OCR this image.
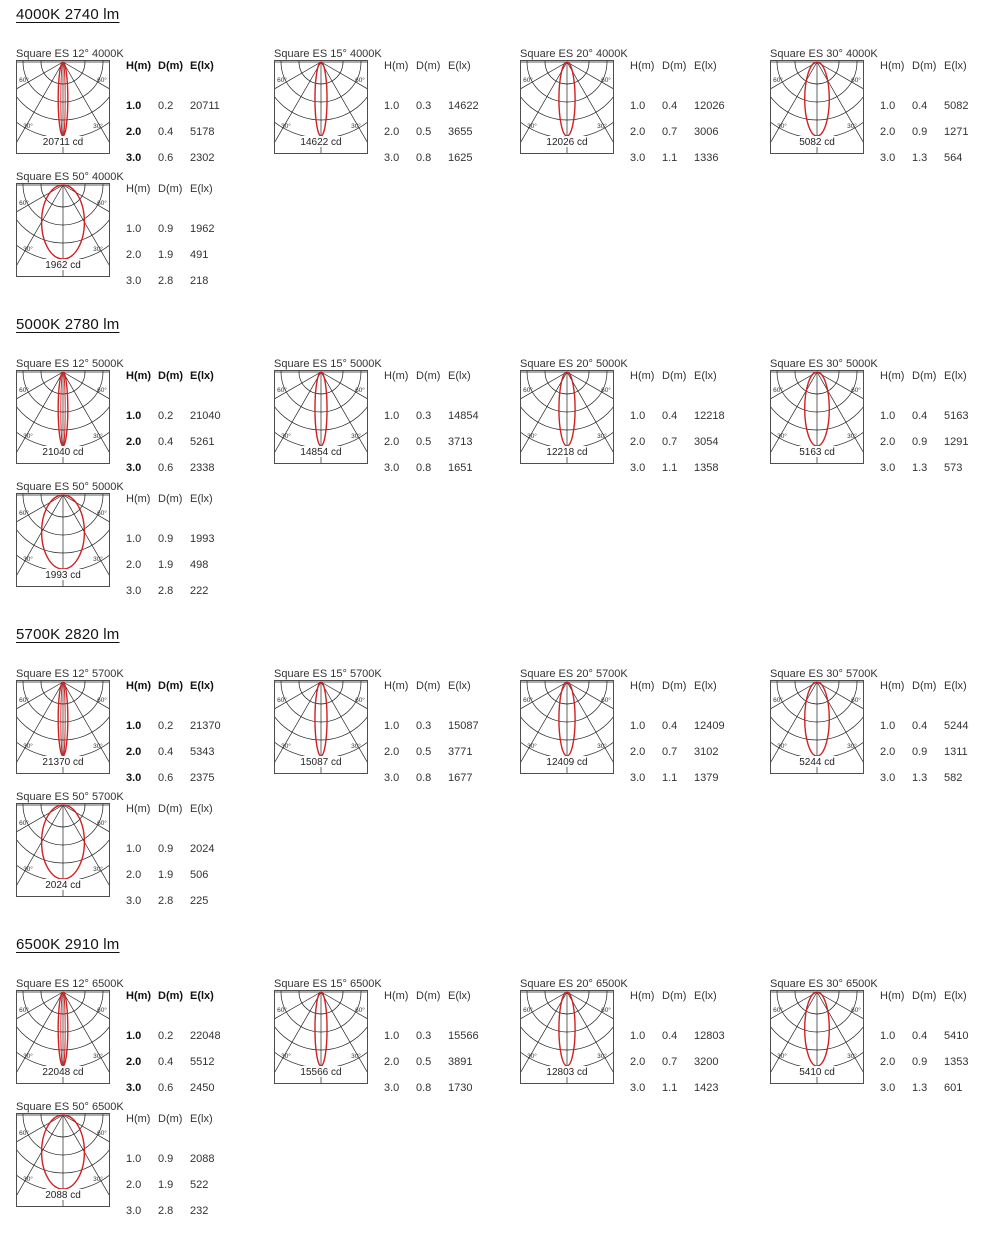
4000K 2740 lm
Square ES 12° 4000K
60°	60°
30°	30°
20711 cd
H(m) D(m) E(lx)
1.0 0.2 20711
2.0 0.4 5178
3.0 0.6 2302
Square ES 15° 4000K
60°	60°
30°	30°
14622 cd
H(m) D(m) E(lx)
1.0 0.3 14622
2.0 0.5 3655
3.0 0.8 1625
Square ES 20° 4000K
60°	60°
30°	30°
12026 cd
H(m) D(m) E(lx)
1.0 0.4 12026
2.0 0.7 3006
3.0 1.1 1336
Square ES 30° 4000K
60°	60°
30°	30°
5082 cd
H(m) D(m) E(lx)
1.0 0.4 5082
2.0 0.9 1271
3.0 1.3 564
Square ES 50° 4000K
60°	60°
30°	30°
1962 cd
H(m) D(m) E(lx)
1.0 0.9 1962
2.0 1.9 491
3.0 2.8 218
5000K 2780 lm
Square ES 12° 5000K
60°	60°
30°	30°
21040 cd
H(m) D(m) E(lx)
1.0 0.2 21040
2.0 0.4 5261
3.0 0.6 2338
Square ES 15° 5000K
60°	60°
30°	30°
14854 cd
H(m) D(m) E(lx)
1.0 0.3 14854
2.0 0.5 3713
3.0 0.8 1651
Square ES 20° 5000K
60°	60°
30°	30°
12218 cd
H(m) D(m) E(lx)
1.0 0.4 12218
2.0 0.7 3054
3.0 1.1 1358
Square ES 30° 5000K
60°	60°
30°	30°
5163 cd
H(m) D(m) E(lx)
1.0 0.4 5163
2.0 0.9 1291
3.0 1.3 573
Square ES 50° 5000K
60°	60°
30°	30°
1993 cd
H(m) D(m) E(lx)
1.0 0.9 1993
2.0 1.9 498
3.0 2.8 222
5700K 2820 lm
Square ES 12° 5700K
60°	60°
30°	30°
21370 cd
H(m) D(m) E(lx)
1.0 0.2 21370
2.0 0.4 5343
3.0 0.6 2375
Square ES 15° 5700K
60°	60°
30°	30°
15087 cd
H(m) D(m) E(lx)
1.0 0.3 15087
2.0 0.5 3771
3.0 0.8 1677
Square ES 20° 5700K
60°	60°
30°	30°
12409 cd
H(m) D(m) E(lx)
1.0 0.4 12409
2.0 0.7 3102
3.0 1.1 1379
Square ES 30° 5700K
60°	60°
30°	30°
5244 cd
H(m) D(m) E(lx)
1.0 0.4 5244
2.0 0.9 1311
3.0 1.3 582
Square ES 50° 5700K
60°	60°
30°	30°
2024 cd
H(m) D(m) E(lx)
1.0 0.9 2024
2.0 1.9 506
3.0 2.8 225
6500K 2910 lm
Square ES 12° 6500K
60°	60°
30°	30°
22048 cd
H(m) D(m) E(lx)
1.0 0.2 22048
2.0 0.4 5512
3.0 0.6 2450
Square ES 15° 6500K
60°	60°
30°	30°
15566 cd
H(m) D(m) E(lx)
1.0 0.3 15566
2.0 0.5 3891
3.0 0.8 1730
Square ES 20° 6500K
60°	60°
30°	30°
12803 cd
H(m) D(m) E(lx)
1.0 0.4 12803
2.0 0.7 3200
3.0 1.1 1423
Square ES 30° 6500K
60°	60°
30°	30°
5410 cd
H(m) D(m) E(lx)
1.0 0.4 5410
2.0 0.9 1353
3.0 1.3 601
Square ES 50° 6500K
60°	60°
30°	30°
2088 cd
H(m) D(m) E(lx)
1.0 0.9 2088
2.0 1.9 522
3.0 2.8 232
